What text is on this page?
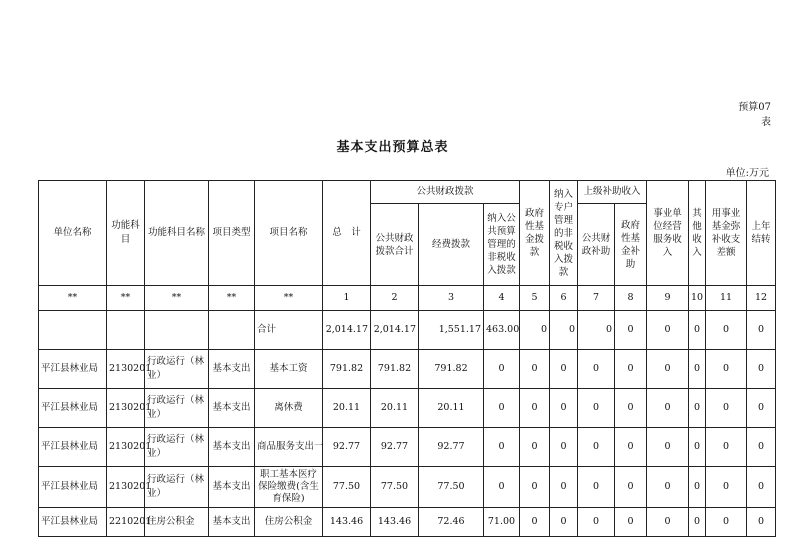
预算07
表
基本支出预算总表
单位:万元
单位名称	功能科目	功能科目名称	项目类型	项目名称	总　计	公共财政拨款			政府性基金拨款	纳入专户管理的非税收入拨款	上级补助收入		事业单位经营服务收入	其他收入	用事业基金弥补收支差额	上年结转
						公共财政拨款合计	经费拨款	纳入公共预算管理的非税收入拨款			公共财政补助	政府性基金补助				
**	**	**	**	**	1	2	3	4	5	6	7	8	9	10	11	12
				合计	2,014.17	2,014.17	1,551.17	463.00	0	0	0	0	0	0	0	0
平江县林业局	2130201	行政运行（林业）	基本支出	基本工资	791.82	791.82	791.82	0	0	0	0	0	0	0	0	0
平江县林业局	2130201	行政运行（林业）	基本支出	离休费	20.11	20.11	20.11	0	0	0	0	0	0	0	0	0
平江县林业局	2130201	行政运行（林业）	基本支出	商品服务支出一	92.77	92.77	92.77	0	0	0	0	0	0	0	0	0
平江县林业局	2130201	行政运行（林业）	基本支出	职工基本医疗保险缴费(含生育保险)	77.50	77.50	77.50	0	0	0	0	0	0	0	0	0
平江县林业局	2210201	住房公积金	基本支出	住房公积金	143.46	143.46	72.46	71.00	0	0	0	0	0	0	0	0
